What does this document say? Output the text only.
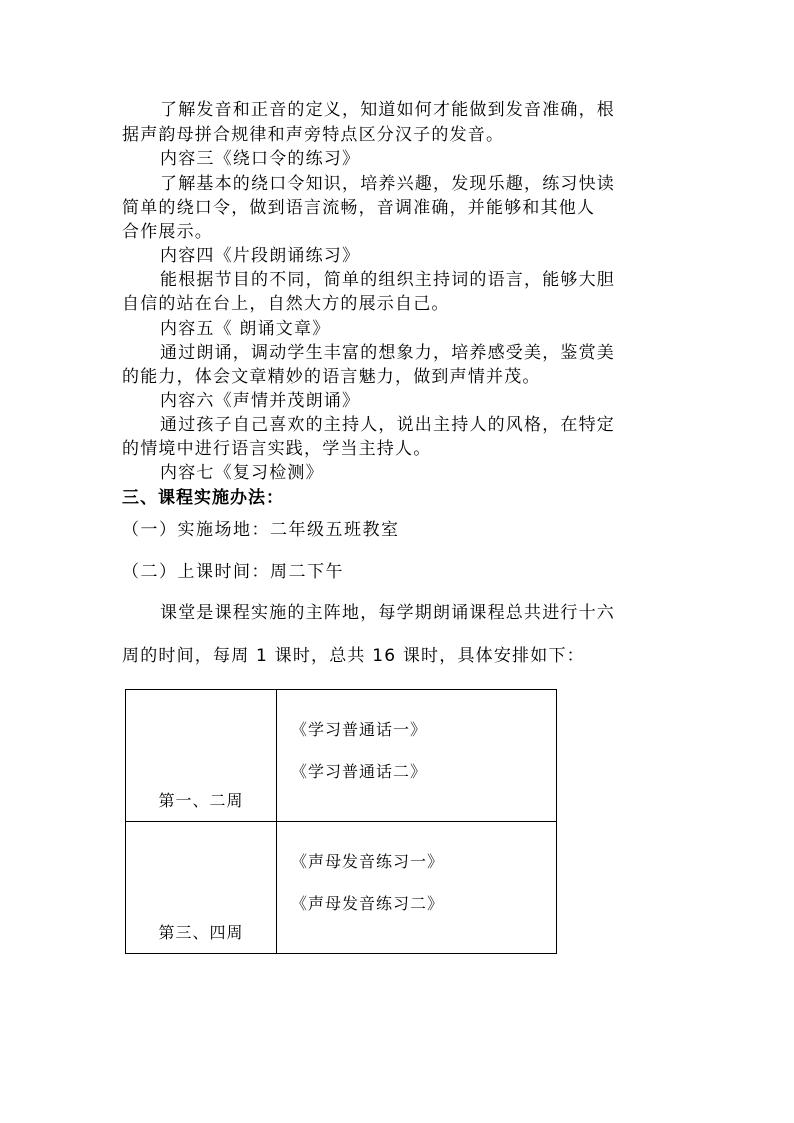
了解发音和正音的定义，知道如何才能做到发音准确，根
据声韵母拼合规律和声旁特点区分汉子的发音。
内容三《绕口令的练习》
了解基本的绕口令知识，培养兴趣，发现乐趣，练习快读
简单的绕口令，做到语言流畅，音调准确，并能够和其他人
合作展示。
内容四《片段朗诵练习》
能根据节目的不同，简单的组织主持词的语言，能够大胆
自信的站在台上，自然大方的展示自己。
内容五《 朗诵文章》
通过朗诵，调动学生丰富的想象力，培养感受美，鉴赏美
的能力，体会文章精妙的语言魅力，做到声情并茂。
内容六《声情并茂朗诵》
通过孩子自己喜欢的主持人，说出主持人的风格，在特定
的情境中进行语言实践，学当主持人。
内容七《复习检测》
三、课程实施办法：
（一）实施场地：二年级五班教室
（二）上课时间：周二下午
课堂是课程实施的主阵地，每学期朗诵课程总共进行十六
周的时间，每周 1 课时，总共 16 课时，具体安排如下：
第一、二周	《学习普通话一》
《学习普通话二》

第三、四周	《声母发音练习一》
《声母发音练习二》
